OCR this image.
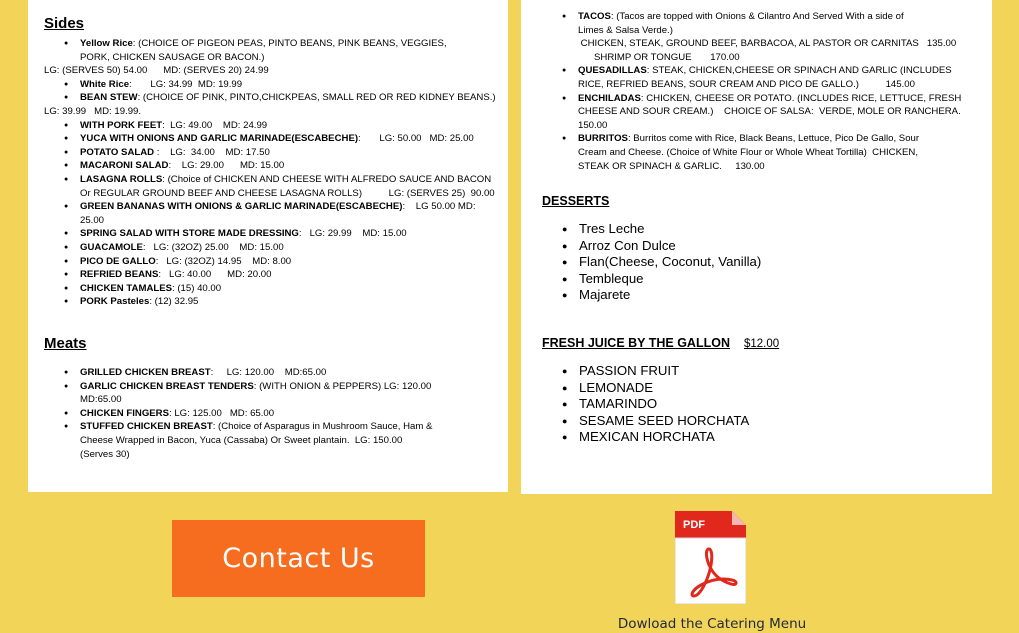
Sides
● Yellow Rice: (CHOICE OF PIGEON PEAS, PINTO BEANS, PINK BEANS, VEGGIES,
PORK, CHICKEN SAUSAGE OR BACON.)
LG: (SERVES 50) 54.00      MD: (SERVES 20) 24.99
● White Rice:       LG: 34.99  MD: 19.99
● BEAN STEW: (CHOICE OF PINK, PINTO,CHICKPEAS, SMALL RED OR RED KIDNEY BEANS.)
LG: 39.99   MD: 19.99.
● WITH PORK FEET:  LG: 49.00    MD: 24.99
● YUCA WITH ONIONS AND GARLIC MARINADE(ESCABECHE):       LG: 50.00   MD: 25.00
● POTATO SALAD :    LG:  34.00    MD: 17.50
● MACARONI SALAD:    LG: 29.00      MD: 15.00
● LASAGNA ROLLS: (Choice of CHICKEN AND CHEESE WITH ALFREDO SAUCE AND BACON
Or REGULAR GROUND BEEF AND CHEESE LASAGNA ROLLS)          LG: (SERVES 25)  90.00
● GREEN BANANAS WITH ONIONS & GARLIC MARINADE(ESCABECHE):    LG 50.00 MD:
25.00
● SPRING SALAD WITH STORE MADE DRESSING:   LG: 29.99    MD: 15.00
● GUACAMOLE:   LG: (32OZ) 25.00    MD: 15.00
● PICO DE GALLO:   LG: (32OZ) 14.95    MD: 8.00
● REFRIED BEANS:   LG: 40.00      MD: 20.00
● CHICKEN TAMALES: (15) 40.00
● PORK Pasteles: (12) 32.95
Meats
● GRILLED CHICKEN BREAST:     LG: 120.00    MD:65.00
● GARLIC CHICKEN BREAST TENDERS: (WITH ONION & PEPPERS) LG: 120.00
MD:65.00
● CHICKEN FINGERS: LG: 125.00   MD: 65.00
● STUFFED CHICKEN BREAST: (Choice of Asparagus in Mushroom Sauce, Ham &
Cheese Wrapped in Bacon, Yuca (Cassaba) Or Sweet plantain.  LG: 150.00
(Serves 30)
● TACOS: (Tacos are topped with Onions & Cilantro And Served With a side of
Limes & Salsa Verde.)
CHICKEN, STEAK, GROUND BEEF, BARBACOA, AL PASTOR OR CARNITAS   135.00
SHRIMP OR TONGUE       170.00
● QUESADILLAS: STEAK, CHICKEN,CHEESE OR SPINACH AND GARLIC (INCLUDES
RICE, REFRIED BEANS, SOUR CREAM AND PICO DE GALLO.)          145.00
● ENCHILADAS: CHICKEN, CHEESE OR POTATO. (INCLUDES RICE, LETTUCE, FRESH
CHEESE AND SOUR CREAM.)    CHOICE OF SALSA:  VERDE, MOLE OR RANCHERA.
150.00
● BURRITOS: Burritos come with Rice, Black Beans, Lettuce, Pico De Gallo, Sour
Cream and Cheese. (Choice of White Flour or Whole Wheat Tortilla)  CHICKEN,
STEAK OR SPINACH & GARLIC.     130.00
DESSERTS
● Tres Leche
● Arroz Con Dulce
● Flan(Cheese, Coconut, Vanilla)
● Tembleque
● Majarete
FRESH JUICE BY THE GALLON $12.00
● PASSION FRUIT
● LEMONADE
● TAMARINDO
● SESAME SEED HORCHATA
● MEXICAN HORCHATA
Contact Us
PDF
Dowload the Catering Menu
